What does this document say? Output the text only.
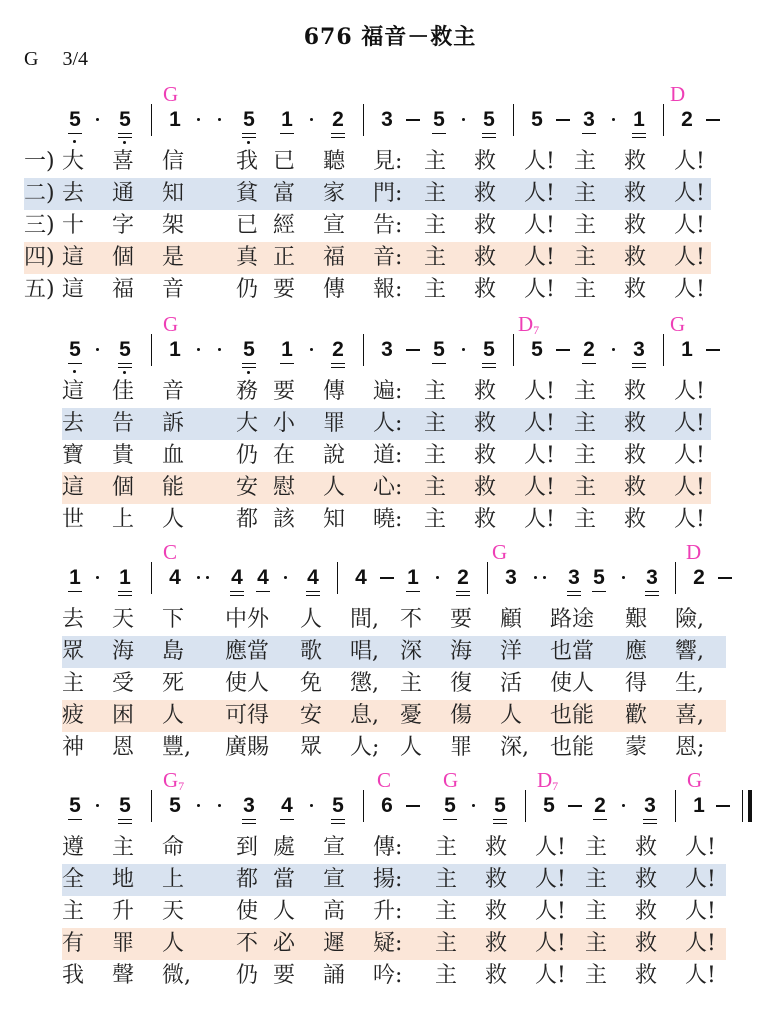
676 福音－救主
G 3/4
G	D
5 5 1	5 1 2 3 5 5 5 3 1 2
一) 大 喜 信 我 已 聽 見: 主 救 人! 主 救 人!
二) 去 通 知 貧 富 家 門: 主 救 人! 主 救 人!
三) 十 字 架 已 經 宣 告: 主 救 人! 主 救 人!
四) 這 個 是 真 正 福 音: 主 救 人! 主 救 人!
五) 這 福 音 仍 要 傳 報: 主 救 人! 主 救 人!
G	$D_7$	G
5 5 1	5 1 2 3 5 5 5 2 3 1
這 佳 音 務 要 傳 遍: 主 救 人! 主 救 人!
去 告 訴 大 小 罪 人: 主 救 人! 主 救 人!
寶 貴 血 仍 在 說 道: 主 救 人! 主 救 人!
這 個 能 安 慰 人 心: 主 救 人! 主 救 人!
世 上 人 都 該 知 曉: 主 救 人! 主 救 人!
C	G	D
1 1 4 4 4 4 4 1 2 3 3 5 3 2
去 天 下 中外 人 間, 不 要 顧 路途 艱 險,
眾 海 島 應當 歌 唱, 深 海 洋 也當 應 響,
主 受 死 使人 免 懲, 主 復 活 使人 得 生,
疲 困 人 可得 安 息, 憂 傷 人 也能 歡 喜,
神 恩 豐, 廣賜 眾 人; 人 罪 深, 也能 蒙 恩;
$G_7$	C G	$D_7$	G
5 5 5	3 4 5 6 5 5 5 2 3 1
遵 主 命 到 處 宣 傳: 主 救 人! 主 救 人!
全 地 上 都 當 宣 揚: 主 救 人! 主 救 人!
主 升 天 使 人 高 升: 主 救 人! 主 救 人!
有 罪 人 不 必 遲 疑: 主 救 人! 主 救 人!
我 聲 微, 仍 要 誦 吟: 主 救 人! 主 救 人!
